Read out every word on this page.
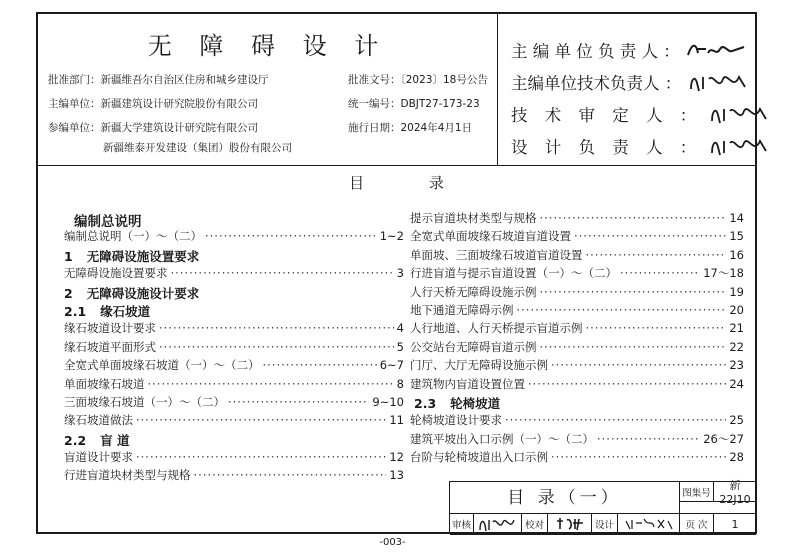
无 障 碍 设 计
批准部门：新疆维吾尔自治区住房和城乡建设厅	批准文号：〔2023〕18号公告
主编单位：新疆建筑设计研究院股份有限公司	统一编号：DBJT27-173-23
参编单位：新疆大学建筑设计研究院有限公司	施行日期：2024年4月1日
新疆维泰开发建设（集团）股份有限公司
主 编 单 位 负 责 人 ：
主编单位技术负责人 ：
技 术 审 定 人 ：
设 计 负 责 人 ：
目 录
编制总说明
编制总说明（一）～（二） ·····	1~2
1 无障碍设施设置要求
无障碍设施设置要求 ·····	3
2 无障碍设施设计要求
2.1 缘石坡道
缘石坡道设计要求 ·····	4
缘石坡道平面形式 ·····	5
全宽式单面坡缘石坡道（一）～（二） ·····	6~7
单面坡缘石坡道 ·····	8
三面坡缘石坡道（一）～（二） ·····	9~10
缘石坡道做法 ·····	11
2.2 盲 道
盲道设计要求 ·····	12
行进盲道块材类型与规格 ·····	13
提示盲道块材类型与规格 ·····	14
全宽式单面坡缘石坡道盲道设置 ·····	15
单面坡、三面坡缘石坡道盲道设置 ·····	16
行进盲道与提示盲道设置（一）～（二） ·····	17～18
人行天桥无障碍设施示例 ·····	19
地下通道无障碍示例 ·····	20
人行地道、人行天桥提示盲道示例 ·····	21
公交站台无障碍盲道示例 ·····	22
门厅、大厅无障碍设施示例 ·····	23
建筑物内盲道设置位置 ·····	24
2.3 轮椅坡道
轮椅坡道设计要求 ·····	25
建筑平坡出入口示例（一）～（二） ·····	26～27
台阶与轮椅坡道出入口示例 ·····	28
目 录（一）	图集号
新22J10
审核	校对	设计	页 次	1
-003-
